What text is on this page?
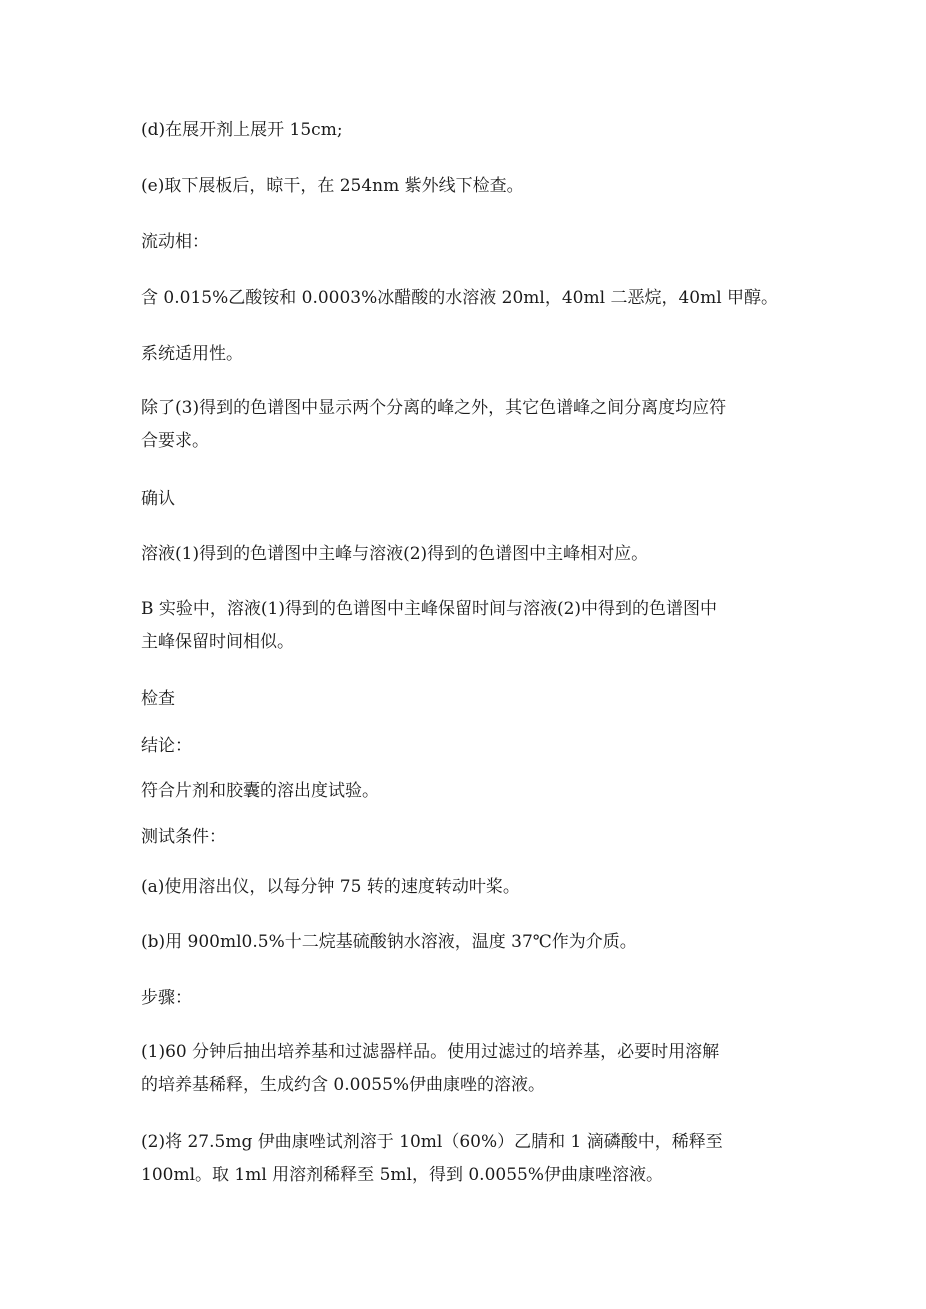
(d)在展开剂上展开 15cm;

(e)取下展板后，晾干，在 254nm 紫外线下检查。

流动相：

含 0.015%乙酸铵和 0.0003%冰醋酸的水溶液 20ml，40ml 二恶烷，40ml 甲醇。

系统适用性。

除了(3)得到的色谱图中显示两个分离的峰之外，其它色谱峰之间分离度均应符
合要求。

确认

溶液(1)得到的色谱图中主峰与溶液(2)得到的色谱图中主峰相对应。

B 实验中，溶液(1)得到的色谱图中主峰保留时间与溶液(2)中得到的色谱图中
主峰保留时间相似。

检查

结论：

符合片剂和胶囊的溶出度试验。

测试条件：

(a)使用溶出仪，以每分钟 75 转的速度转动叶桨。

(b)用 900ml0.5%十二烷基硫酸钠水溶液，温度 37℃作为介质。

步骤：

(1)60 分钟后抽出培养基和过滤器样品。使用过滤过的培养基，必要时用溶解
的培养基稀释，生成约含 0.0055%伊曲康唑的溶液。

(2)将 27.5mg 伊曲康唑试剂溶于 10ml（60%）乙腈和 1 滴磷酸中，稀释至
100ml。取 1ml 用溶剂稀释至 5ml，得到 0.0055%伊曲康唑溶液。
